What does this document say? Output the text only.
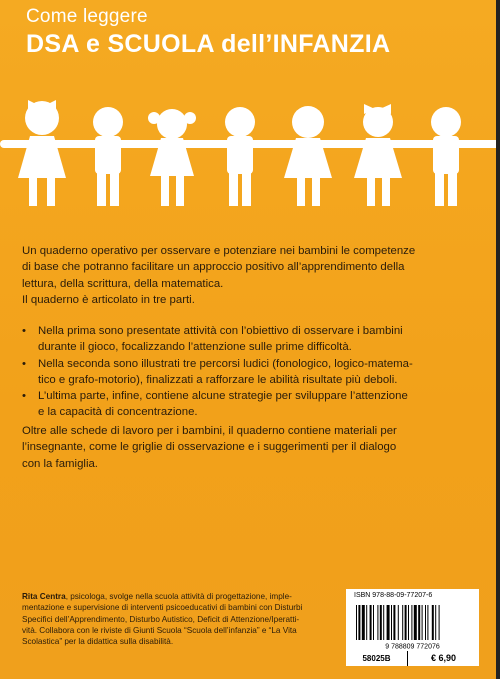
Come leggere
DSA e SCUOLA dell’INFANZIA

Un quaderno operativo per osservare e potenziare nei bambini le competenze

di base che potranno facilitare un approccio positivo all’apprendimento della

lettura, della scrittura, della matematica.

Il quaderno è articolato in tre parti.

• Nella prima sono presentate attività con l’obiettivo di osservare i bambini
durante il gioco, focalizzando l’attenzione sulle prime difficoltà.
• Nella seconda sono illustrati tre percorsi ludici (fonologico, logico-matema-
tico e grafo-motorio), finalizzati a rafforzare le abilità risultate più deboli.
• L’ultima parte, infine, contiene alcune strategie per sviluppare l’attenzione
e la capacità di concentrazione.
Oltre alle schede di lavoro per i bambini, il quaderno contiene materiali per
l’insegnante, come le griglie di osservazione e i suggerimenti per il dialogo
con la famiglia.
Rita Centra, psicologa, svolge nella scuola attività di progettazione, imple-
mentazione e supervisione di interventi psicoeducativi di bambini con Disturbi
Specifici dell’Apprendimento, Disturbo Autistico, Deficit di Attenzione/Iperatti-
vità. Collabora con le riviste di Giunti Scuola “Scuola dell’infanzia” e “La Vita
Scolastica” per la didattica sulla disabilità.
ISBN 978-88-09-77207-6
9 788809 772076
58025B	€ 6,90
